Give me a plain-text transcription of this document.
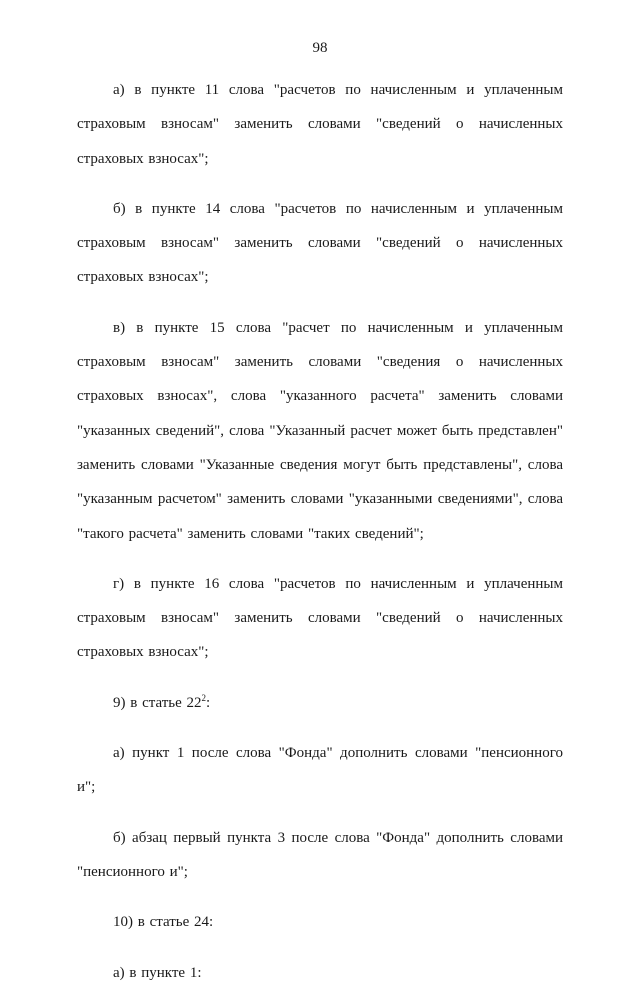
98

а) в пункте 11 слова "расчетов по начисленным и уплаченным страховым взносам" заменить словами "сведений о начисленных страховых взносах";

б) в пункте 14 слова "расчетов по начисленным и уплаченным страховым взносам" заменить словами "сведений о начисленных страховых взносах";

в) в пункте 15 слова "расчет по начисленным и уплаченным страховым взносам" заменить словами "сведения о начисленных страховых взносах", слова "указанного расчета" заменить словами "указанных сведений", слова "Указанный расчет может быть представлен" заменить словами "Указанные сведения могут быть представлены", слова "указанным расчетом" заменить словами "указанными сведениями", слова "такого расчета" заменить словами "таких сведений";

г) в пункте 16 слова "расчетов по начисленным и уплаченным страховым взносам" заменить словами "сведений о начисленных страховых взносах";

9) в статье $22^2$:

а) пункт 1 после слова "Фонда" дополнить словами "пенсионного и";

б) абзац первый пункта 3 после слова "Фонда" дополнить словами "пенсионного и";

10) в статье 24:

а) в пункте 1:
